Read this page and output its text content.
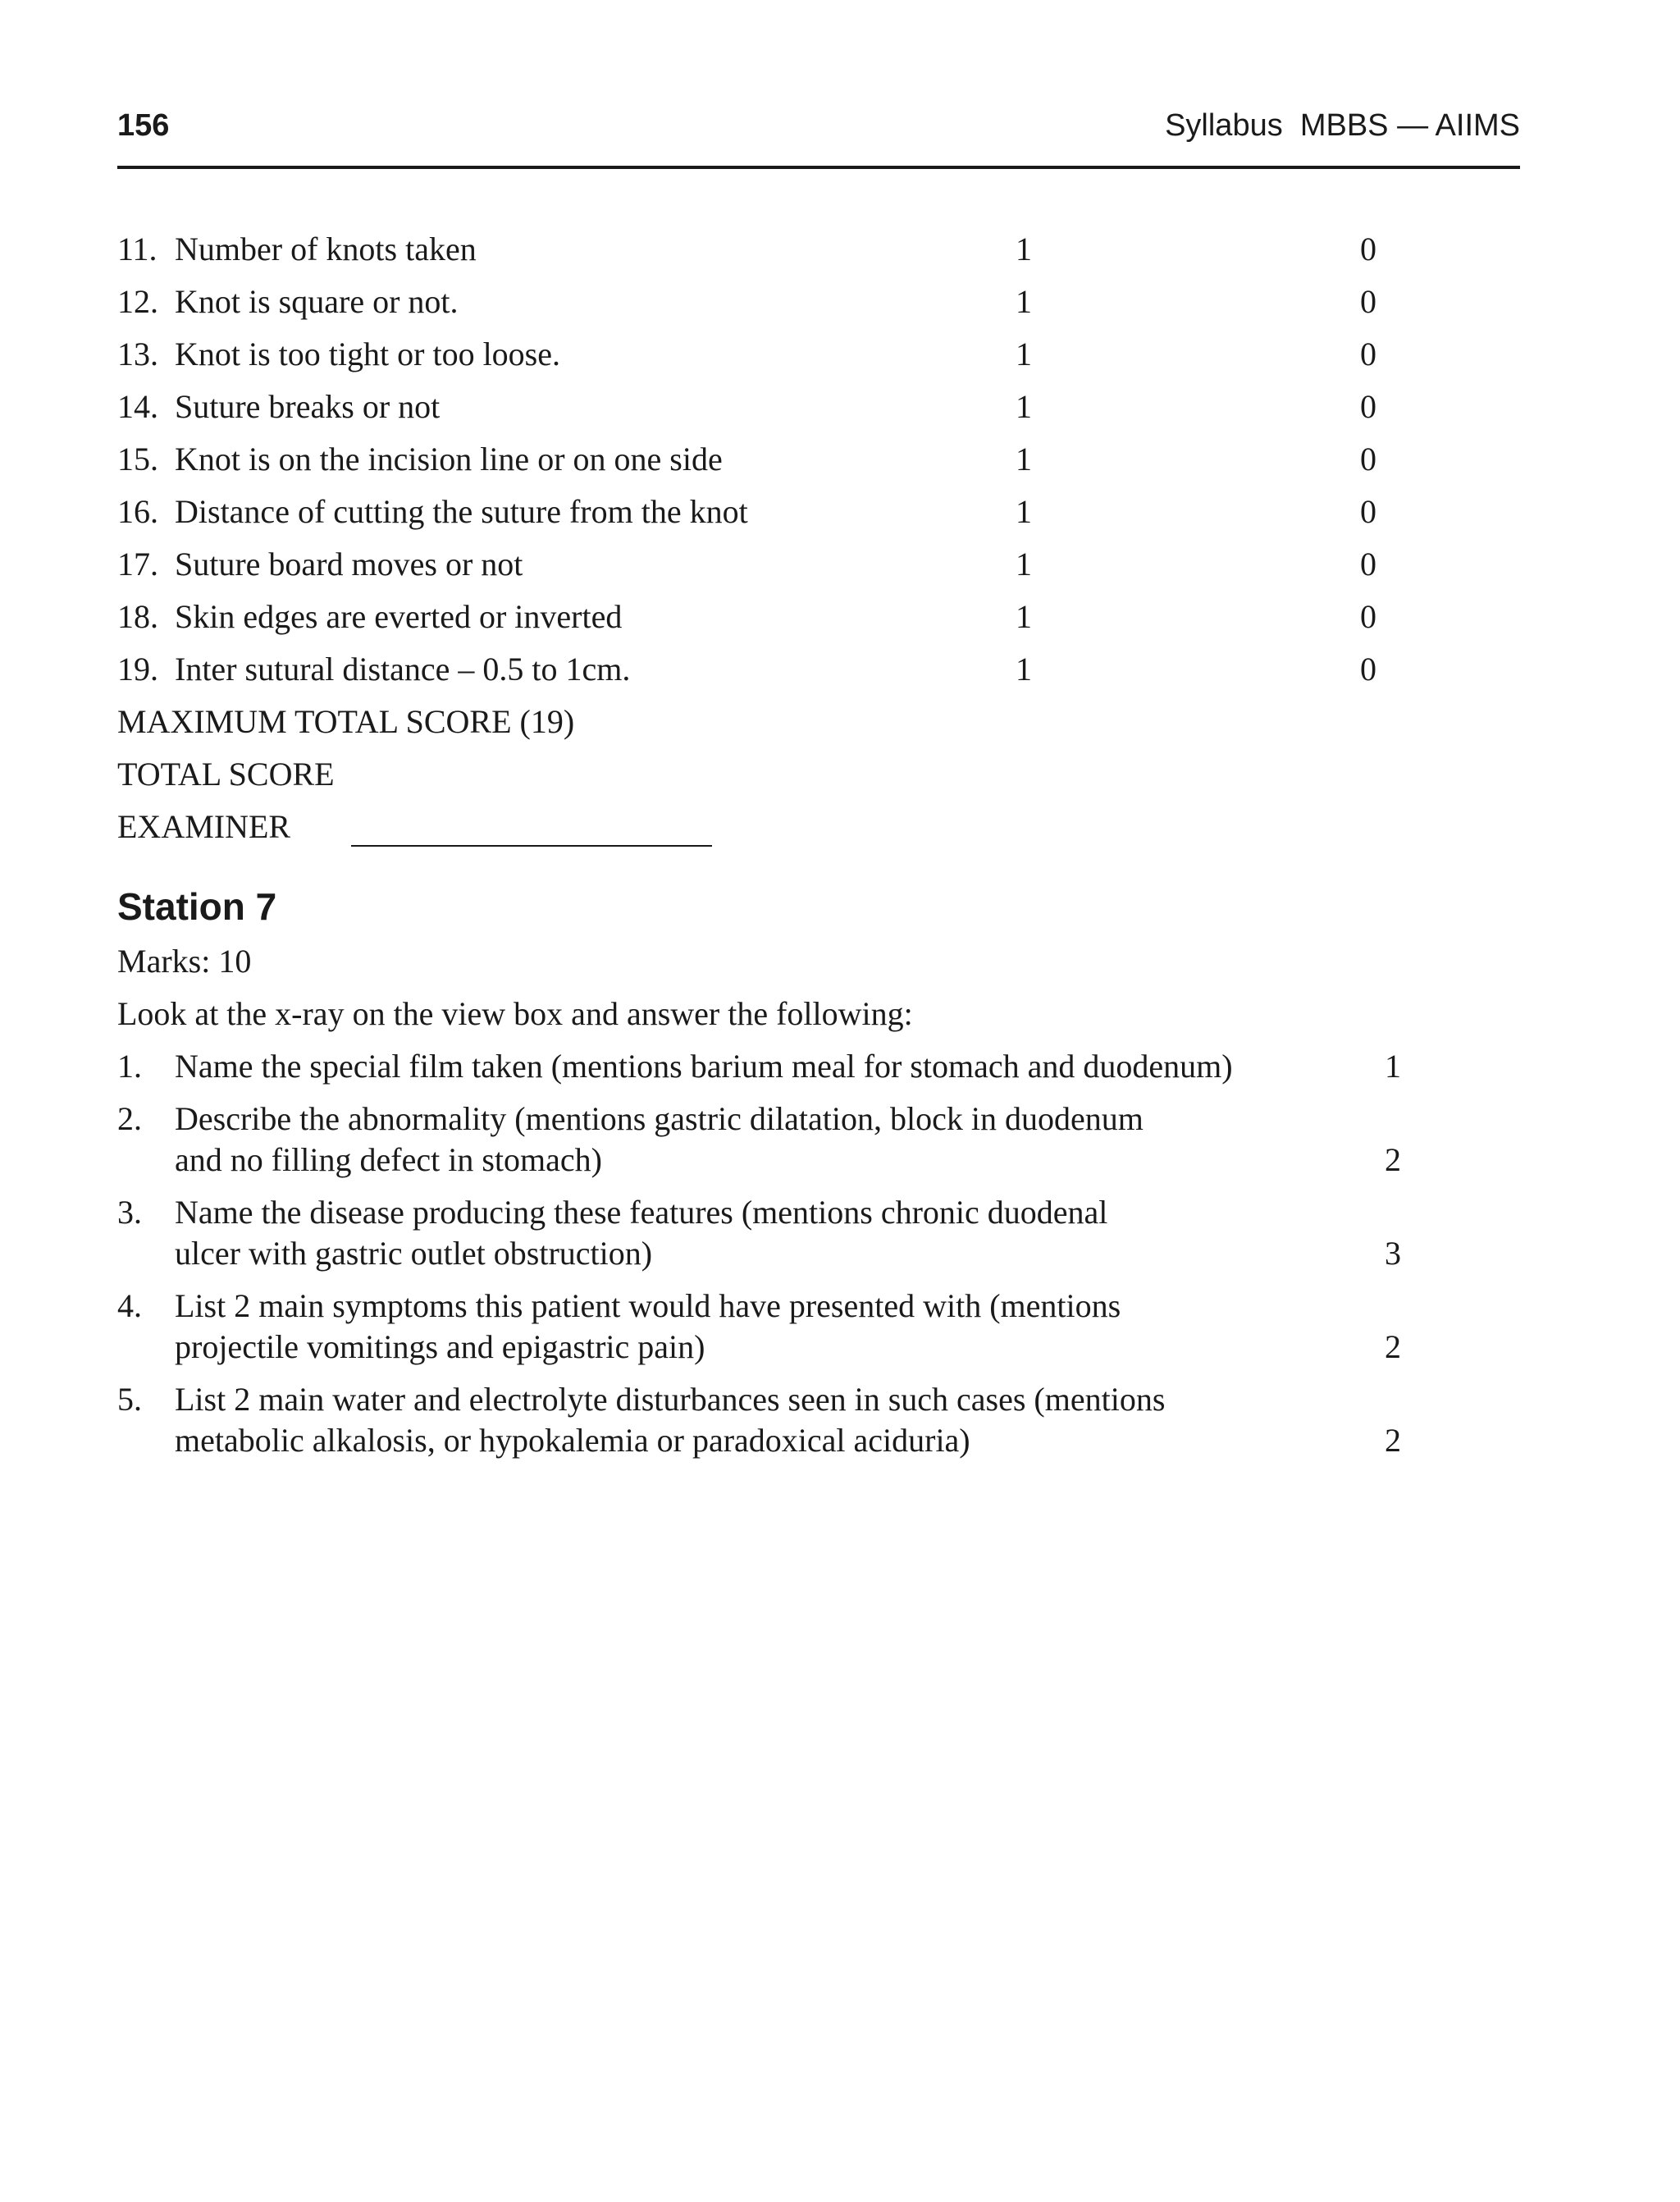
156	Syllabus  MBBS — AIIMS
11. Number of knots taken	1	0
12. Knot is square or not.	1	0
13. Knot is too tight or too loose.	1	0
14. Suture breaks or not	1	0
15. Knot is on the incision line or on one side	1	0
16. Distance of cutting the suture from the knot	1	0
17. Suture board moves or not	1	0
18. Skin edges are everted or inverted	1	0
19. Inter sutural distance – 0.5 to 1cm.	1	0
MAXIMUM TOTAL SCORE (19)
TOTAL SCORE
EXAMINER
Station 7
Marks: 10
Look at the x-ray on the view box and answer the following:
1. Name the special film taken (mentions barium meal for stomach and duodenum)	1
2. Describe the abnormality (mentions gastric dilatation, block in duodenum
and no filling defect in stomach)	2
3. Name the disease producing these features (mentions chronic duodenal
ulcer with gastric outlet obstruction)	3
4. List 2 main symptoms this patient would have presented with (mentions
projectile vomitings and epigastric pain)	2
5. List 2 main water and electrolyte disturbances seen in such cases (mentions
metabolic alkalosis, or hypokalemia or paradoxical aciduria)	2
